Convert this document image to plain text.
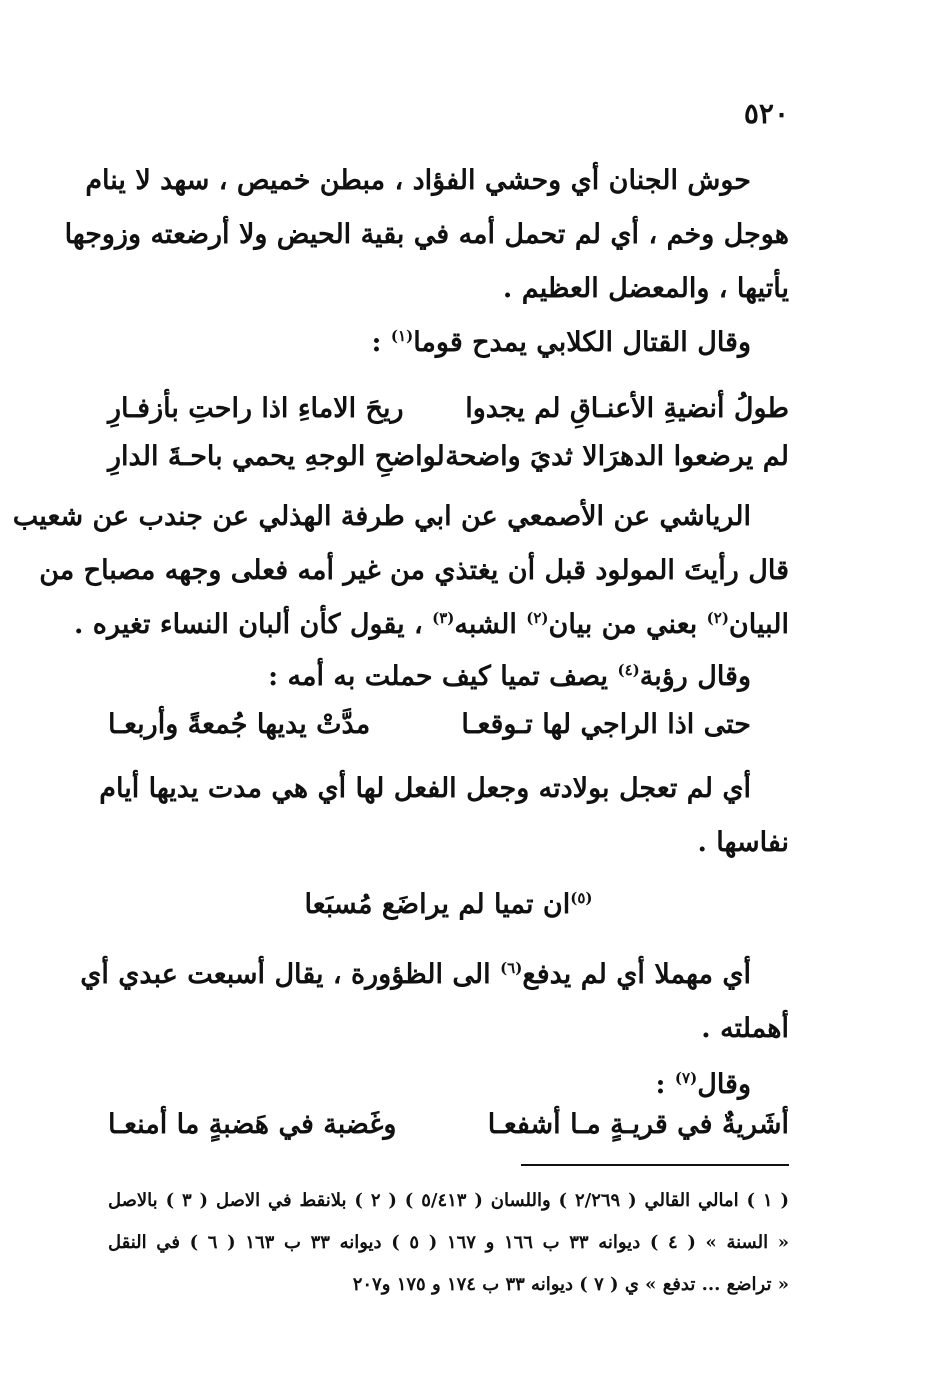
٥٢٠
حوش الجنان أي وحشي الفؤاد ، مبطن خميص ، سهد لا ينام
هوجل وخم ، أي لم تحمل أمه في بقية الحيض ولا أرضعته وزوجها
يأتيها ، والمعضل العظيم .
وقال القتال الكلابي يمدح قوما$^{(١)}$ :
طولُ أنضيةِ الأعنـاقِ لم يجدوا
ريحَ الاماءِ اذا راحتِ بأزفـارِ
لم يرضعوا الدهرَالا ثديَ واضحة
لواضحِ الوجهِ يحمي باحـةَ الدارِ
الرياشي عن الأصمعي عن ابي طرفة الهذلي عن جندب عن شعيب
قال رأيتَ المولود قبل أن يغتذي من غير أمه فعلى وجهه مصباح من
البيان$^{(٢)}$ بعني من بيان$^{(٢)}$ الشبه$^{(٣)}$ ، يقول كأن ألبان النساء تغيره .
وقال رؤبة$^{(٤)}$ يصف تميا كيف حملت به أمه :
حتى اذا الراجي لها تـوقعـا
مدَّتْ يديها جُمعةً وأربعـا
أي لم تعجل بولادته وجعل الفعل لها أي هي مدت يديها أيام
نفاسها .
$^{(٥)}$ان تميا لم يراضَع مُسبَعا
أي مهملا أي لم يدفع$^{(٦)}$ الى الظؤورة ، يقال أسبعت عبدي أي
أهملته .
وقال$^{(٧)}$ :
أشَريةٌ في قريـةٍ مـا أشفعـا
وغَضبة في هَضبةٍ ما أمنعـا
( ١ ) امالي القالي ( ٢/٢٦٩ ) واللسان ( ٥/٤١٣ ) ( ٢ ) بلانقط في الاصل ( ٣ ) بالاصل
« السنة » ( ٤ ) ديوانه ٣٣ ب ١٦٦ و ١٦٧ ( ٥ ) ديوانه ٣٣ ب ١٦٣ ( ٦ ) في النقل
« تراضع ... تدفع » ي ( ٧ ) ديوانه ٣٣ ب ١٧٤ و ١٧٥ و٢٠٧
